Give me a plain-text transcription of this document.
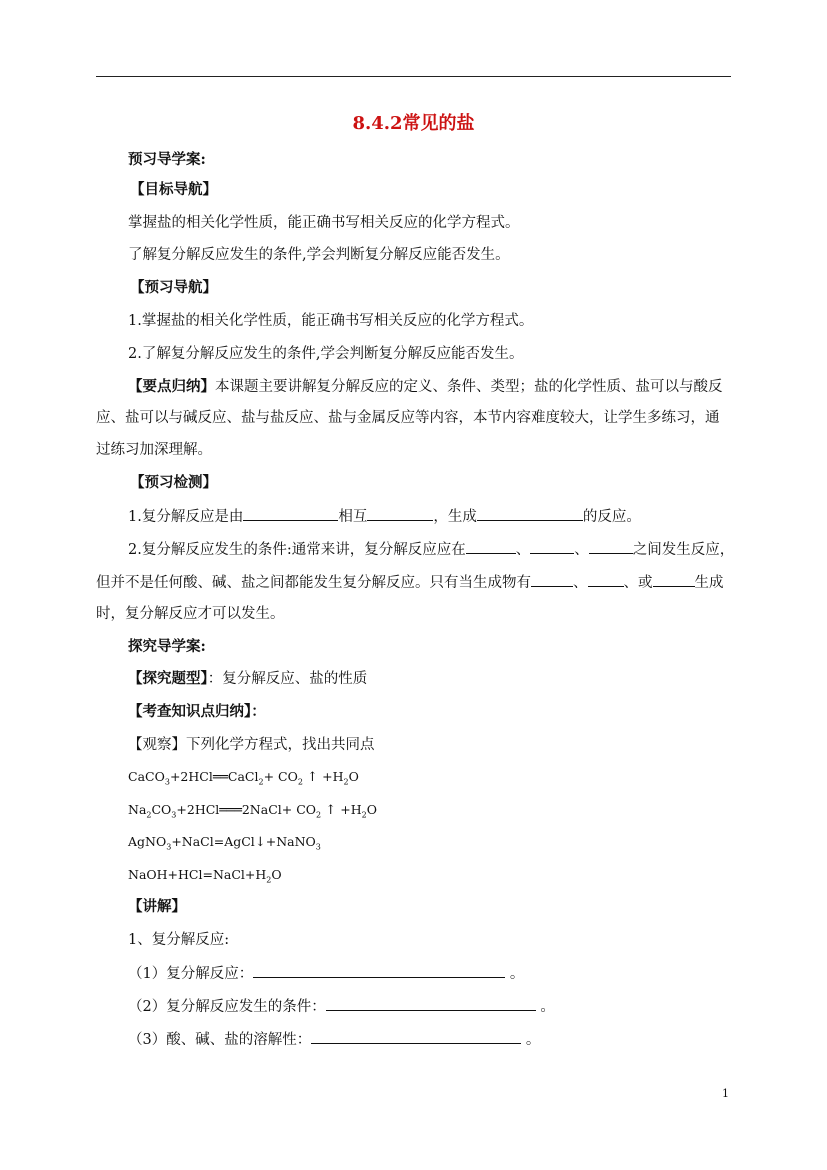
8.4.2常见的盐
预习导学案:
【目标导航】
掌握盐的相关化学性质，能正确书写相关反应的化学方程式。
了解复分解反应发生的条件,学会判断复分解反应能否发生。
【预习导航】
1.掌握盐的相关化学性质，能正确书写相关反应的化学方程式。
2.了解复分解反应发生的条件,学会判断复分解反应能否发生。
【要点归纳】本课题主要讲解复分解反应的定义、条件、类型；盐的化学性质、盐可以与酸反
应、盐可以与碱反应、盐与盐反应、盐与金属反应等内容，本节内容难度较大，让学生多练习，通
过练习加深理解。
【预习检测】
1.复分解反应是由	相互	，生成	的反应。
2.复分解反应发生的条件:通常来讲，复分解反应应在	、	、	之间发生反应，
但并不是任何酸、碱、盐之间都能发生复分解反应。只有当生成物有	、 、或	生成
时，复分解反应才可以发生。
探究导学案:
【探究题型】：复分解反应、盐的性质
【考查知识点归纳】：
【观察】下列化学方程式，找出共同点
CaCO$_3$+2HCl══CaCl$_2$+ $CO_2$ ↑ $+H_2O$
$Na_2CO_3+2HCl═══2NaCl+ CO_2$ ↑ $+H_2O$
AgNO$_3$+NaCl=AgCl↓+NaNO$_3$
$NaOH+HCl=NaCl+H_2O$
【讲解】
1、复分解反应:
（1）复分解反应：	。
（2）复分解反应发生的条件：	。
（3）酸、碱、盐的溶解性：	。
1
